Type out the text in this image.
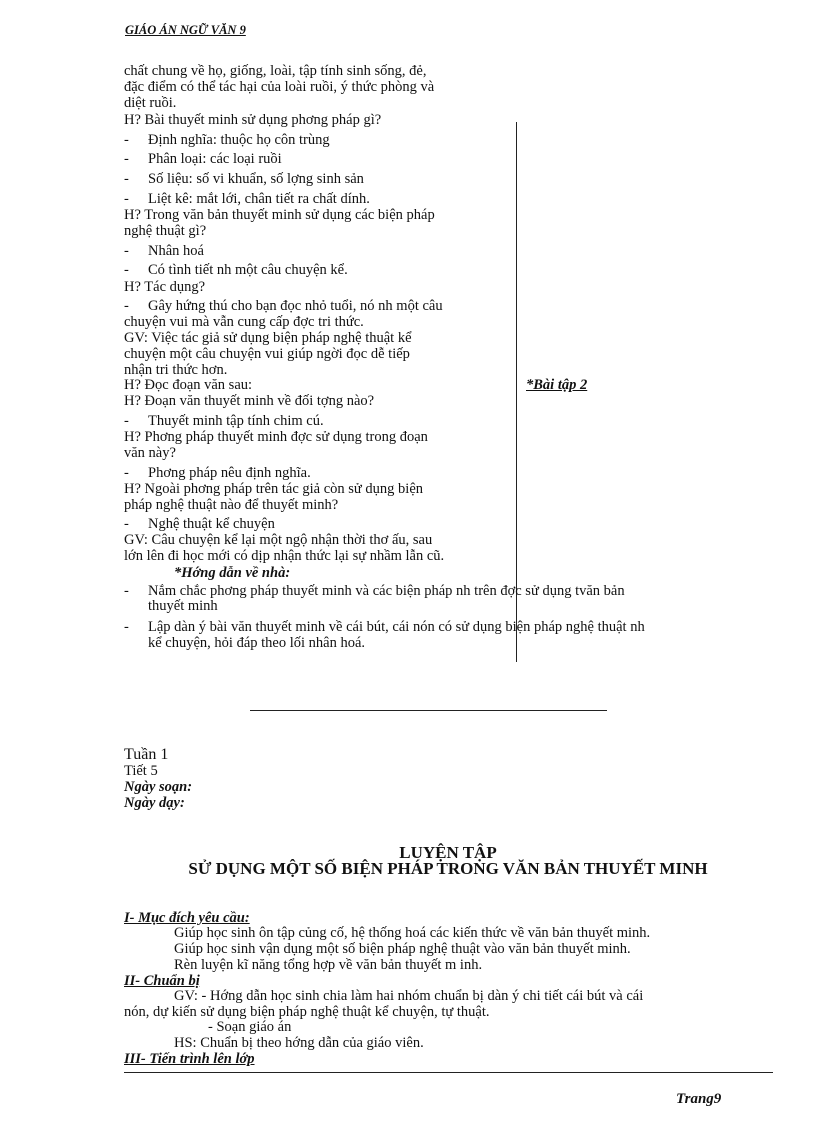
GIÁO ÁN NGỮ VĂN 9
chất chung về họ, giống, loài, tập tính sinh sống, đẻ,
đặc điểm có thể tác hại của loài ruồi, ý thức phòng và
diệt ruồi.
H? Bài thuyết minh sử dụng phơng pháp gì?
- Định nghĩa: thuộc họ côn trùng
- Phân loại: các loại ruồi
- Số liệu: số vi khuẩn, số lợng sinh sản
- Liệt kê: mắt lới, chân tiết ra chất dính.
H? Trong văn bản thuyết minh sử dụng các biện pháp
nghệ thuật gì?
- Nhân hoá
- Có tình tiết nh một câu chuyện kể.
H? Tác dụng?
- Gây hứng thú cho bạn đọc nhỏ tuổi, nó nh một câu
chuyện vui mà vẫn cung cấp đợc tri thức.
GV: Việc tác giả sử dụng biện pháp nghệ thuật kể
chuyện một câu chuyện vui giúp ngời đọc dễ tiếp
nhận tri thức hơn.
H? Đọc đoạn văn sau:
H? Đoạn văn thuyết minh về đối tợng nào?
- Thuyết minh tập tính chim cú.
H? Phơng pháp thuyết minh đợc sử dụng trong đoạn
văn này?
- Phơng pháp nêu định nghĩa.
H? Ngoài phơng pháp trên tác giả còn sử dụng biện
pháp nghệ thuật nào để thuyết minh?
- Nghệ thuật kể chuyện
GV: Câu chuyện kể lại một ngộ nhận thời thơ ấu, sau
lớn lên đi học mới có dịp nhận thức lại sự nhầm lẫn cũ.
*Bài tập 2
*Hớng dẫn về nhà:
- Nắm chắc phơng pháp thuyết minh và các biện pháp nh trên đợc sử dụng tvăn bản
thuyết minh
- Lập dàn ý bài văn thuyết minh về cái bút, cái nón có sử dụng biện pháp nghệ thuật nh
kể chuyện, hỏi đáp theo lối nhân hoá.
Tuần 1
Tiết 5
Ngày soạn:
Ngày dạy:
LUYỆN TẬP
SỬ DỤNG MỘT SỐ BIỆN PHÁP TRONG VĂN BẢN THUYẾT MINH
I- Mục đích yêu cầu:
Giúp học sinh ôn tập củng cố, hệ thống hoá các kiến thức về văn bản thuyết minh.
Giúp học sinh vận dụng một số biện pháp nghệ thuật vào văn bản thuyết minh.
Rèn luyện kĩ năng tổng hợp về văn bản thuyết m inh.
II- Chuẩn bị
GV: - Hớng dẫn học sinh chia làm hai nhóm chuẩn bị dàn ý chi tiết cái bút và cái
nón, dự kiến sử dụng biện pháp nghệ thuật kể chuyện, tự thuật.
- Soạn giáo án
HS: Chuẩn bị theo hớng dẫn của giáo viên.
III- Tiến trình lên lớp
Trang9
